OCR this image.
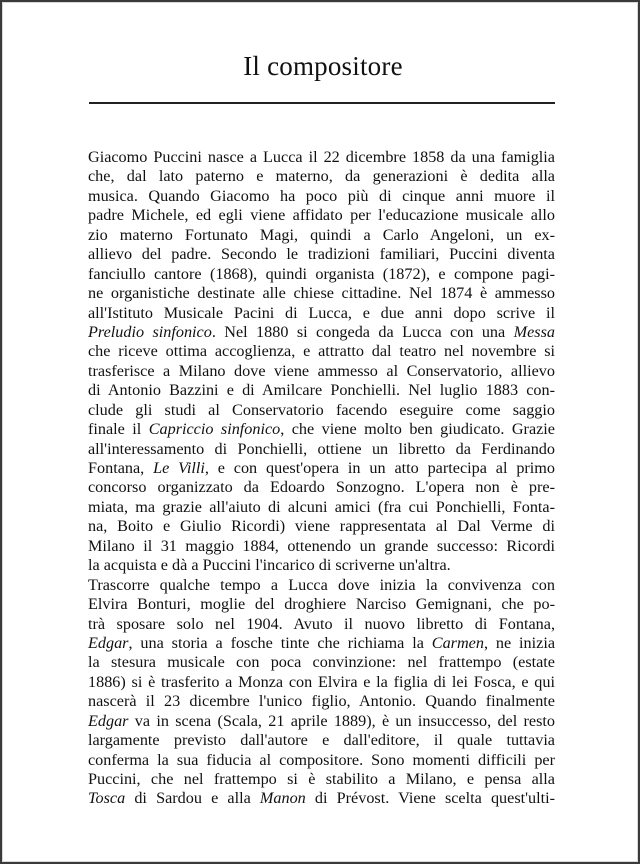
Il compositore
Giacomo Puccini nasce a Lucca il 22 dicembre 1858 da una famiglia
che, dal lato paterno e materno, da generazioni è dedita alla
musica. Quando Giacomo ha poco più di cinque anni muore il
padre Michele, ed egli viene affidato per l'educazione musicale allo
zio materno Fortunato Magi, quindi a Carlo Angeloni, un ex-
allievo del padre. Secondo le tradizioni familiari, Puccini diventa
fanciullo cantore (1868), quindi organista (1872), e compone pagi-
ne organistiche destinate alle chiese cittadine. Nel 1874 è ammesso
all'Istituto Musicale Pacini di Lucca, e due anni dopo scrive il
Preludio sinfonico. Nel 1880 si congeda da Lucca con una Messa
che riceve ottima accoglienza, e attratto dal teatro nel novembre si
trasferisce a Milano dove viene ammesso al Conservatorio, allievo
di Antonio Bazzini e di Amilcare Ponchielli. Nel luglio 1883 con-
clude gli studi al Conservatorio facendo eseguire come saggio
finale il Capriccio sinfonico, che viene molto ben giudicato. Grazie
all'interessamento di Ponchielli, ottiene un libretto da Ferdinando
Fontana, Le Villi, e con quest'opera in un atto partecipa al primo
concorso organizzato da Edoardo Sonzogno. L'opera non è pre-
miata, ma grazie all'aiuto di alcuni amici (fra cui Ponchielli, Fonta-
na, Boito e Giulio Ricordi) viene rappresentata al Dal Verme di
Milano il 31 maggio 1884, ottenendo un grande successo: Ricordi
la acquista e dà a Puccini l'incarico di scriverne un'altra.
Trascorre qualche tempo a Lucca dove inizia la convivenza con
Elvira Bonturi, moglie del droghiere Narciso Gemignani, che po-
trà sposare solo nel 1904. Avuto il nuovo libretto di Fontana,
Edgar, una storia a fosche tinte che richiama la Carmen, ne inizia
la stesura musicale con poca convinzione: nel frattempo (estate
1886) si è trasferito a Monza con Elvira e la figlia di lei Fosca, e qui
nascerà il 23 dicembre l'unico figlio, Antonio. Quando finalmente
Edgar va in scena (Scala, 21 aprile 1889), è un insuccesso, del resto
largamente previsto dall'autore e dall'editore, il quale tuttavia
conferma la sua fiducia al compositore. Sono momenti difficili per
Puccini, che nel frattempo si è stabilito a Milano, e pensa alla
Tosca di Sardou e alla Manon di Prévost. Viene scelta quest'ulti-
